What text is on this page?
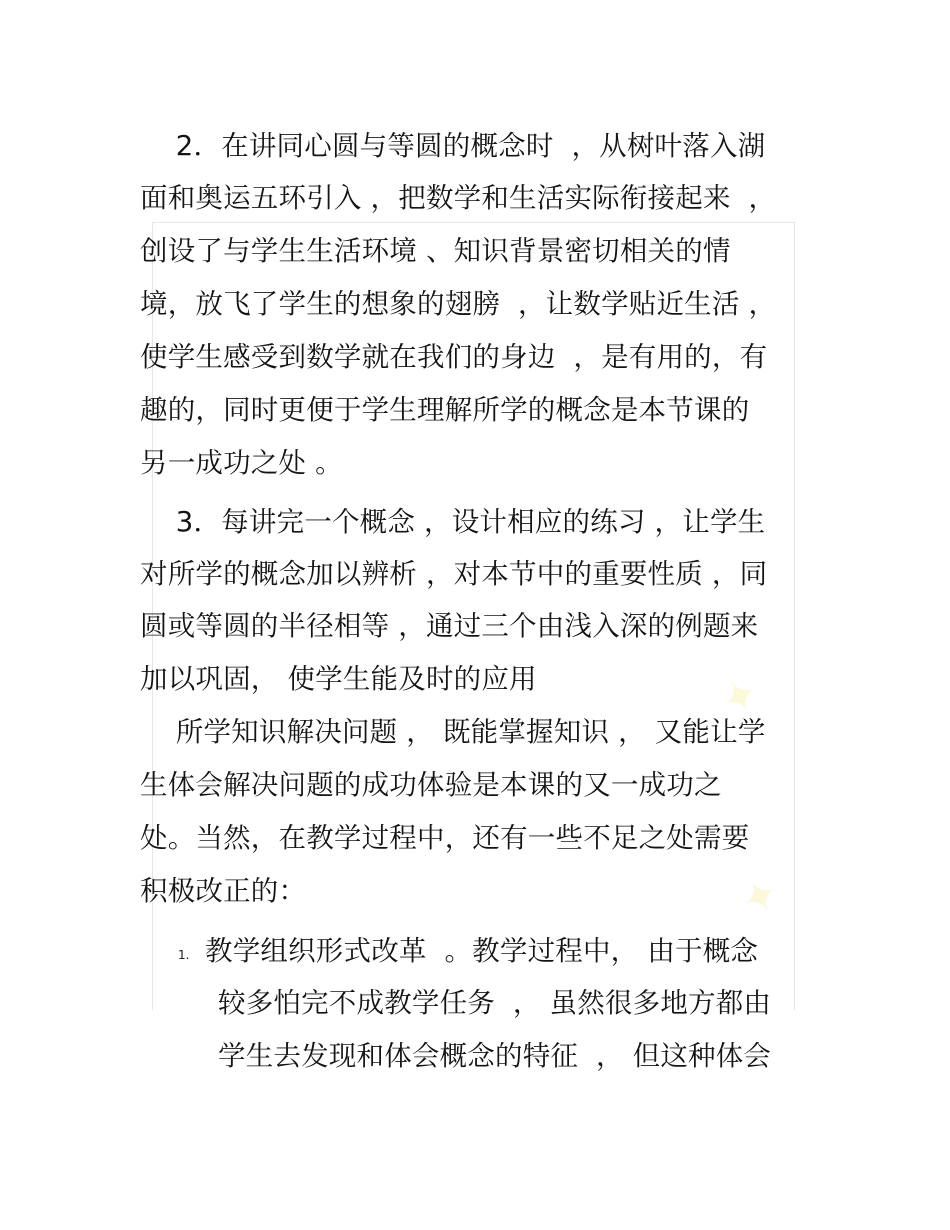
✦
✦
2．在讲同心圆与等圆的概念时  ，从树叶落入湖
面和奥运五环引入 ，把数学和生活实际衔接起来  ，
创设了与学生生活环境 、知识背景密切相关的情
境，放飞了学生的想象的翅膀  ，让数学贴近生活 ，
使学生感受到数学就在我们的身边  ，是有用的，有
趣的，同时更便于学生理解所学的概念是本节课的
另一成功之处 。
3．每讲完一个概念 ，设计相应的练习 ，让学生
对所学的概念加以辨析 ，对本节中的重要性质 ，同
圆或等圆的半径相等 ，通过三个由浅入深的例题来
加以巩固， 使学生能及时的应用
所学知识解决问题 ， 既能掌握知识 ， 又能让学
生体会解决问题的成功体验是本课的又一成功之
处。当然，在教学过程中，还有一些不足之处需要
积极改正的：
1. 教学组织形式改革  。教学过程中， 由于概念
较多怕完不成教学任务  ， 虽然很多地方都由
学生去发现和体会概念的特征  ， 但这种体会
